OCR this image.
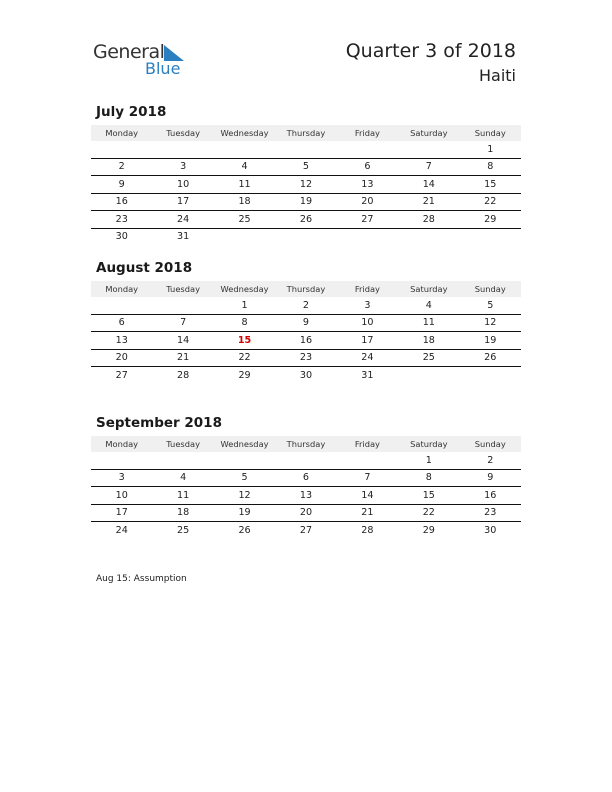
General
Blue
Quarter 3 of 2018
Haiti
July 2018
Monday	Tuesday	Wednesday	Thursday	Friday	Saturday	Sunday
						1
2	3	4	5	6	7	8
9	10	11	12	13	14	15
16	17	18	19	20	21	22
23	24	25	26	27	28	29
30	31					
August 2018
Monday	Tuesday	Wednesday	Thursday	Friday	Saturday	Sunday
		1	2	3	4	5
6	7	8	9	10	11	12
13	14	15	16	17	18	19
20	21	22	23	24	25	26
27	28	29	30	31		
September 2018
Monday	Tuesday	Wednesday	Thursday	Friday	Saturday	Sunday
					1	2
3	4	5	6	7	8	9
10	11	12	13	14	15	16
17	18	19	20	21	22	23
24	25	26	27	28	29	30
Aug 15: Assumption
